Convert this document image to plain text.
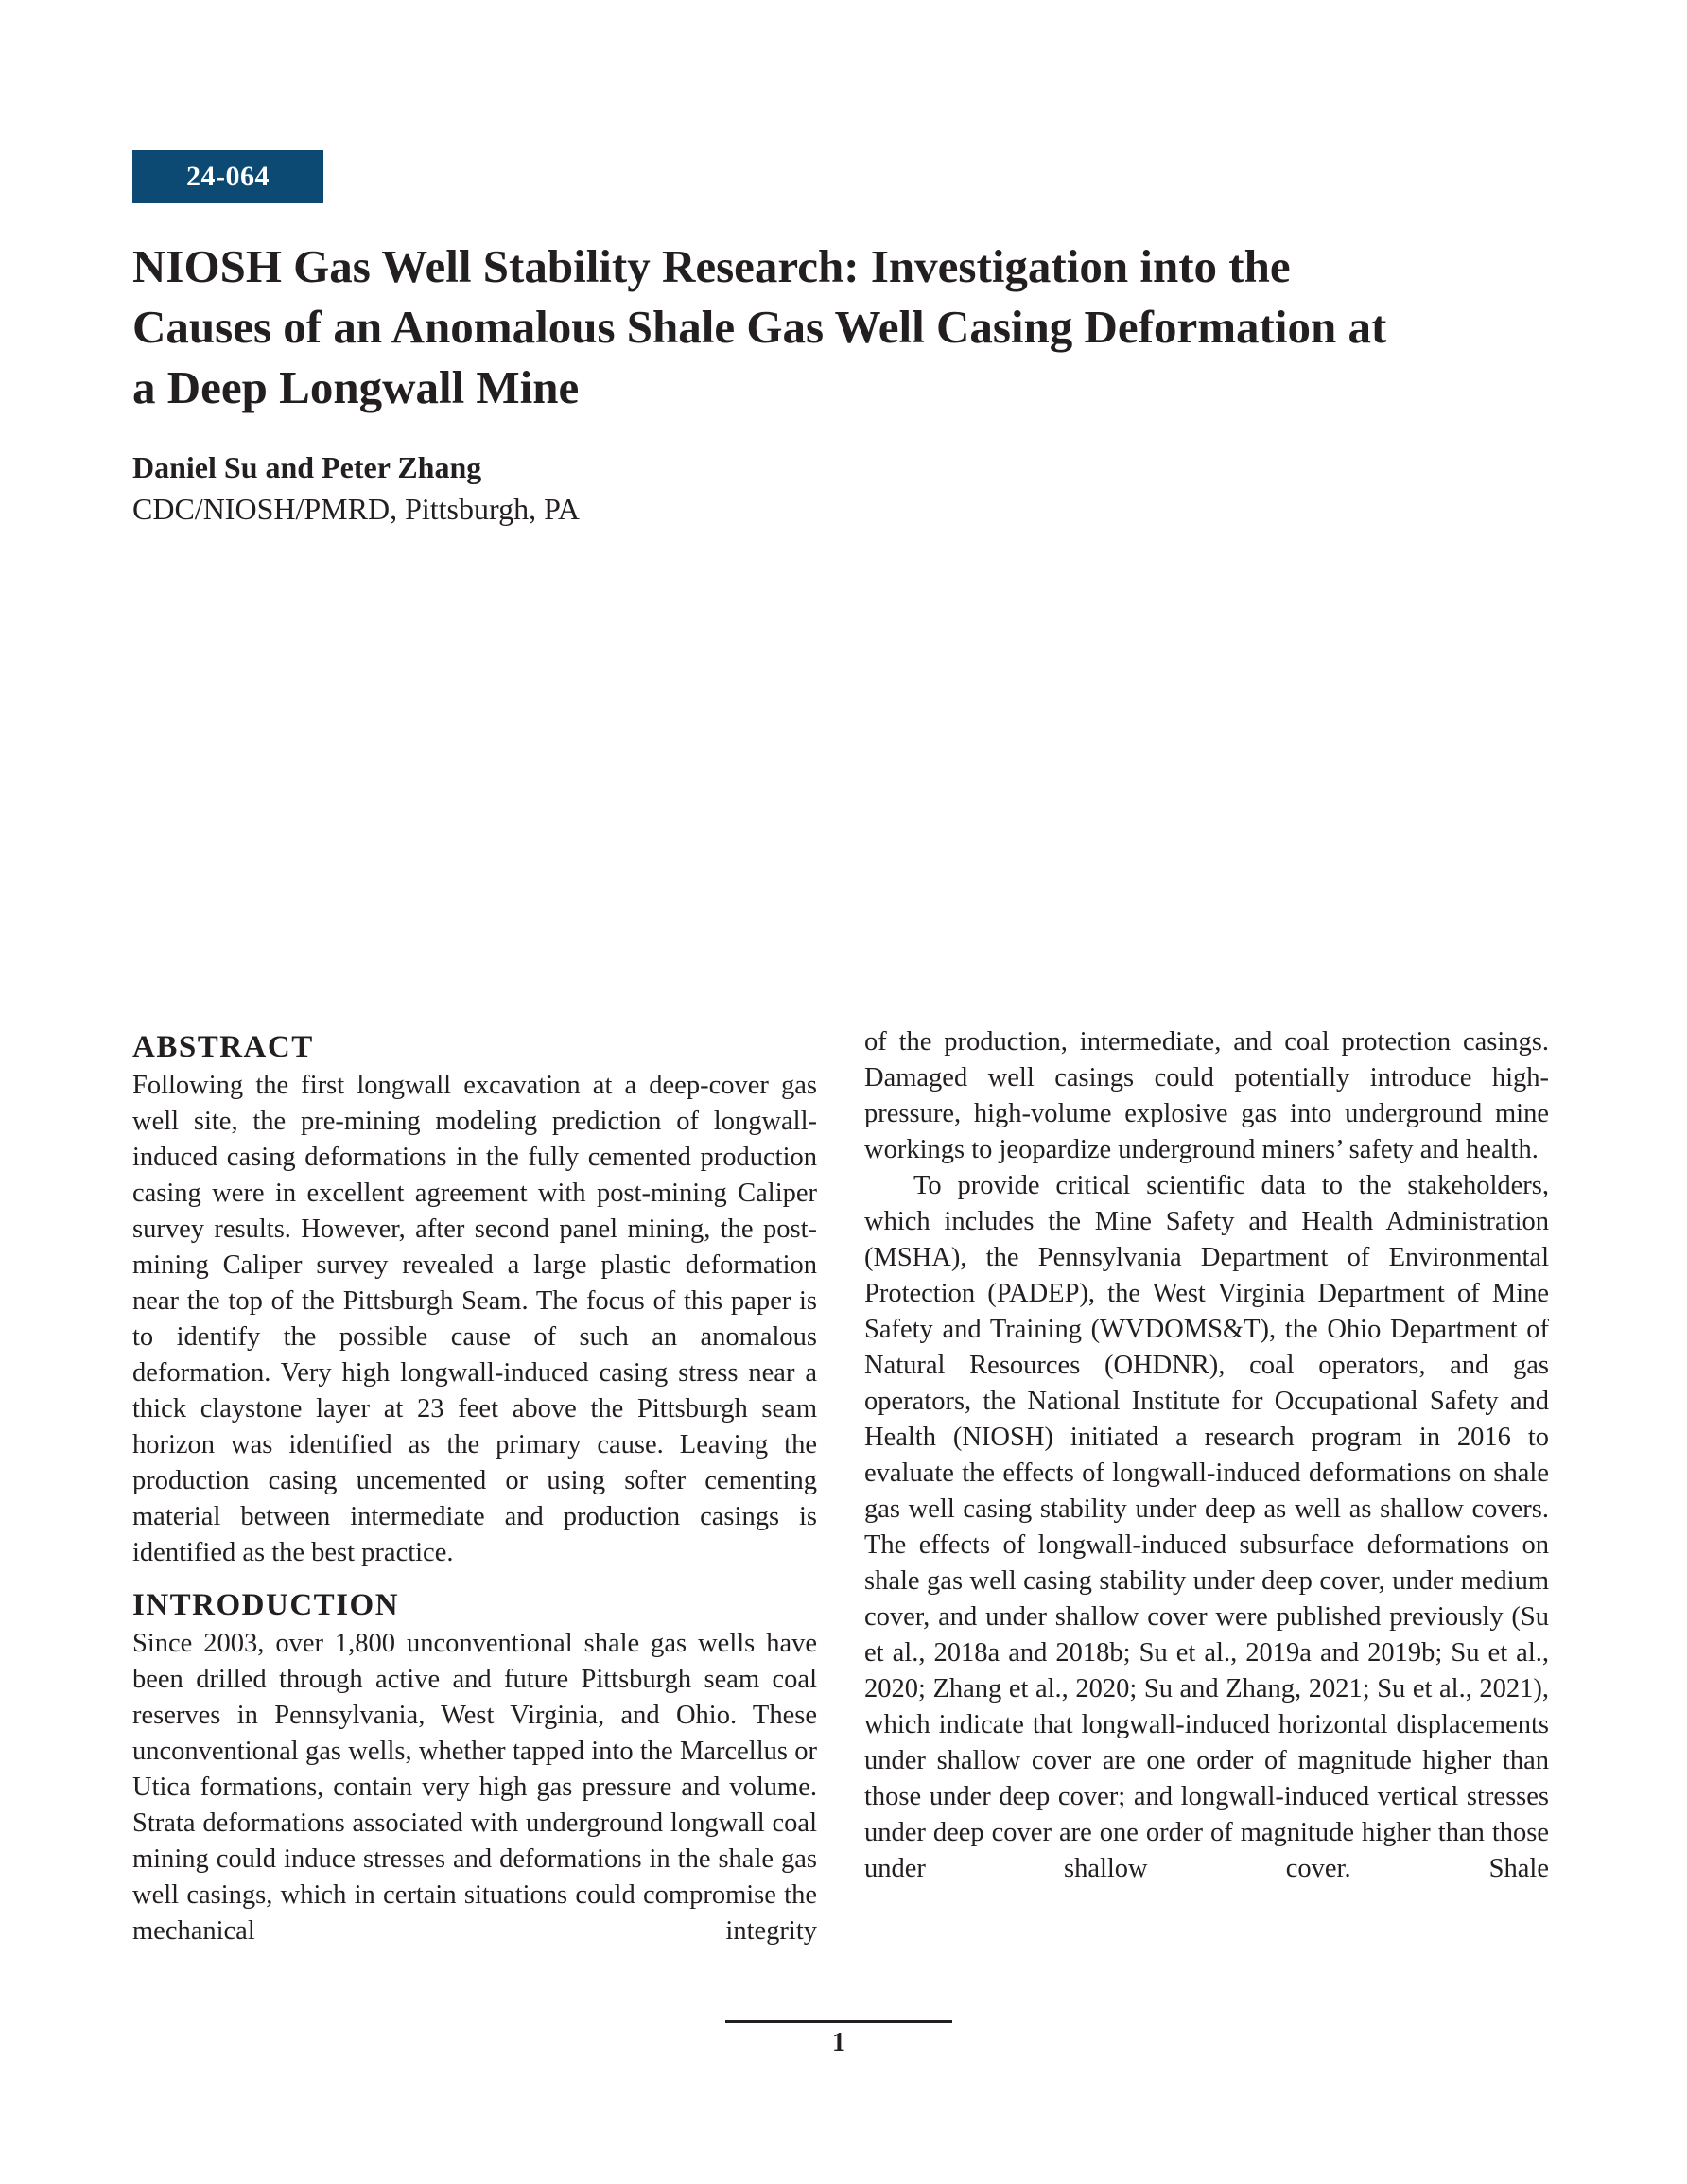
24-064
NIOSH Gas Well Stability Research: Investigation into the
Causes of an Anomalous Shale Gas Well Casing Deformation at
a Deep Longwall Mine
Daniel Su and Peter Zhang
CDC/NIOSH/PMRD, Pittsburgh, PA
ABSTRACT

Following the first longwall excavation at a deep-cover gas well site, the pre-mining modeling prediction of longwall-induced casing deformations in the fully cemented production casing were in excellent agreement with post-mining Caliper survey results. However, after second panel mining, the post-mining Caliper survey revealed a large plastic deformation near the top of the Pittsburgh Seam. The focus of this paper is to identify the possible cause of such an anomalous deformation. Very high longwall-induced casing stress near a thick claystone layer at 23 feet above the Pittsburgh seam horizon was identified as the primary cause. Leaving the production casing uncemented or using softer cementing material between intermediate and production casings is identified as the best practice.

INTRODUCTION

Since 2003, over 1,800 unconventional shale gas wells have been drilled through active and future Pittsburgh seam coal reserves in Pennsylvania, West Virginia, and Ohio. These unconventional gas wells, whether tapped into the Marcellus or Utica formations, contain very high gas pressure and volume. Strata deformations associated with underground longwall coal mining could induce stresses and deformations in the shale gas well casings, which in certain situations could compromise the mechanical integrity

of the production, intermediate, and coal protection casings. Damaged well casings could potentially introduce high-pressure, high-volume explosive gas into underground mine workings to jeopardize underground miners’ safety and health.

To provide critical scientific data to the stakeholders, which includes the Mine Safety and Health Administration (MSHA), the Pennsylvania Department of Environmental Protection (PADEP), the West Virginia Department of Mine Safety and Training (WVDOMS&T), the Ohio Department of Natural Resources (OHDNR), coal operators, and gas operators, the National Institute for Occupational Safety and Health (NIOSH) initiated a research program in 2016 to evaluate the effects of longwall-induced deformations on shale gas well casing stability under deep as well as shallow covers. The effects of longwall-induced subsurface deformations on shale gas well casing stability under deep cover, under medium cover, and under shallow cover were published previously (Su et al., 2018a and 2018b; Su et al., 2019a and 2019b; Su et al., 2020; Zhang et al., 2020; Su and Zhang, 2021; Su et al., 2021), which indicate that longwall-induced horizontal displacements under shallow cover are one order of magnitude higher than those under deep cover; and longwall-induced vertical stresses under deep cover are one order of magnitude higher than those under shallow cover. Shale

1
